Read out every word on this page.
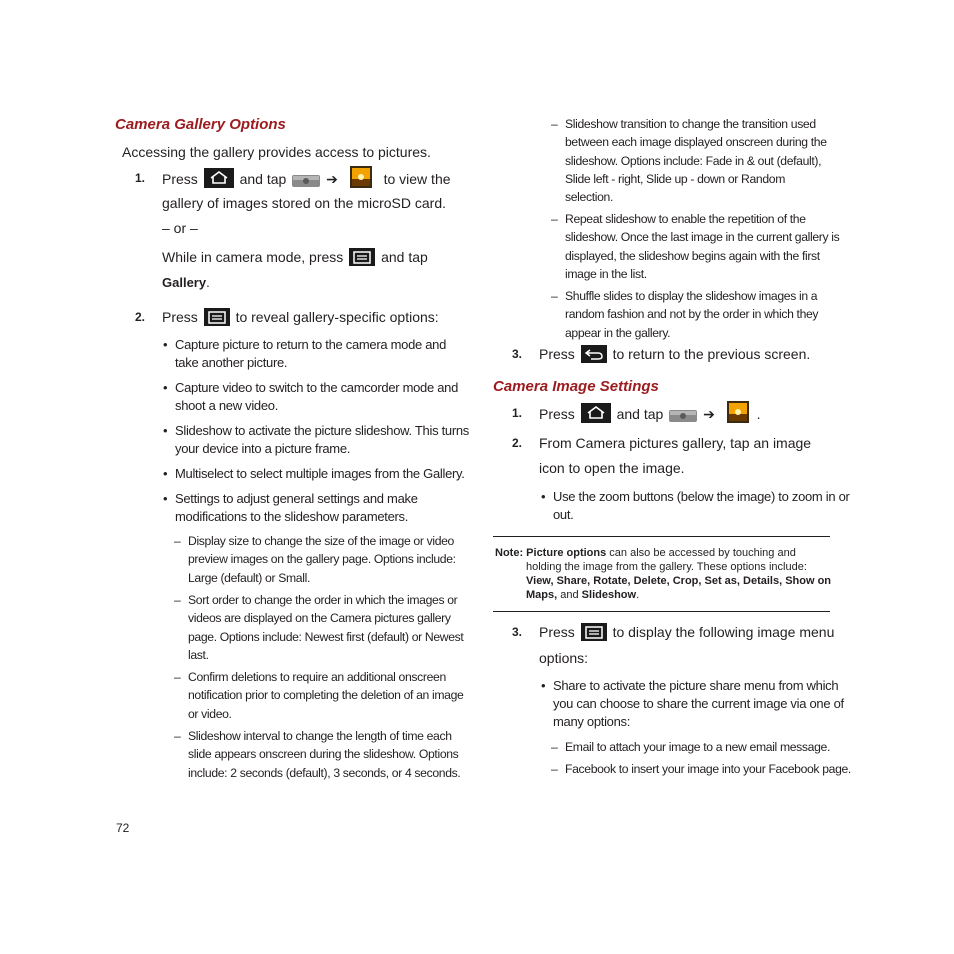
Camera Gallery Options

Accessing the gallery provides access to pictures.

1. Press	and tap	➔	to view the

gallery of images stored on the microSD card.

– or –

While in camera mode, press	and tap

Gallery.

2. Press	to reveal gallery-specific options:

• Capture picture to return to the camera mode and
take another picture.
• Capture video to switch to the camcorder mode and
shoot a new video.
• Slideshow to activate the picture slideshow. This turns
your device into a picture frame.
• Multiselect to select multiple images from the Gallery.
• Settings to adjust general settings and make
modifications to the slideshow parameters.
– Display size to change the size of the image or video
preview images on the gallery page. Options include:
Large (default) or Small.
– Sort order to change the order in which the images or
videos are displayed on the Camera pictures gallery
page. Options include: Newest first (default) or Newest
last.
– Confirm deletions to require an additional onscreen
notification prior to completing the deletion of an image
or video.
– Slideshow interval to change the length of time each
slide appears onscreen during the slideshow. Options
include: 2 seconds (default), 3 seconds, or 4 seconds.
– Slideshow transition to change the transition used
between each image displayed onscreen during the
slideshow. Options include: Fade in & out (default),
Slide left - right, Slide up - down or Random
selection.
– Repeat slideshow to enable the repetition of the
slideshow. Once the last image in the current gallery is
displayed, the slideshow begins again with the first
image in the list.
– Shuffle slides to display the slideshow images in a
random fashion and not by the order in which they
appear in the gallery.
3. Press	to return to the previous screen.

Camera Image Settings
1. Press	and tap	➔	.

2. From Camera pictures gallery, tap an image

icon to open the image.

• Use the zoom buttons (below the image) to zoom in or
out.
Note: Picture options can also be accessed by touching and
holding the image from the gallery. These options include:
View, Share, Rotate, Delete, Crop, Set as, Details, Show on
Maps, and Slideshow.
3. Press	to display the following image menu

options:

• Share to activate the picture share menu from which
you can choose to share the current image via one of
many options:
– Email to attach your image to a new email message.
– Facebook to insert your image into your Facebook page.
72
